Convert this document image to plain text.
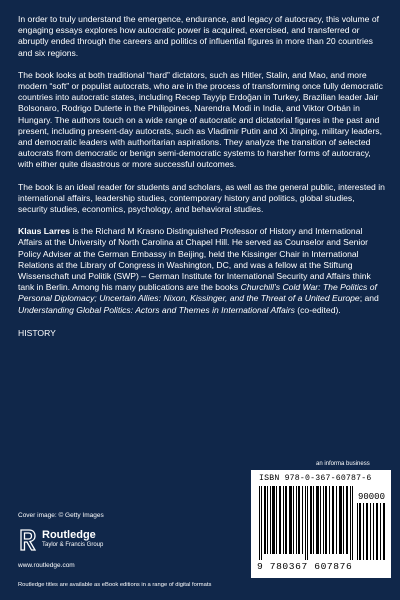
In order to truly understand the emergence, endurance, and legacy of autocracy, this volume of engaging essays explores how autocratic power is acquired, exercised, and transferred or abruptly ended through the careers and politics of influential figures in more than 20 countries and six regions.

The book looks at both traditional “hard” dictators, such as Hitler, Stalin, and Mao, and more modern “soft” or populist autocrats, who are in the process of transforming once fully democratic countries into autocratic states, including Recep Tayyip Erdoğan in Turkey, Brazilian leader Jair Bolsonaro, Rodrigo Duterte in the Philippines, Narendra Modi in India, and Viktor Orbán in Hungary. The authors touch on a wide range of autocratic and dictatorial figures in the past and present, including present-day autocrats, such as Vladimir Putin and Xi Jinping, military leaders, and democratic leaders with authoritarian aspirations. They analyze the transition of selected autocrats from democratic or benign semi-democratic systems to harsher forms of autocracy, with either quite disastrous or more successful outcomes.

The book is an ideal reader for students and scholars, as well as the general public, interested in international affairs, leadership studies, contemporary history and politics, global studies, security studies, economics, psychology, and behavioral studies.

Klaus Larres is the Richard M Krasno Distinguished Professor of History and International Affairs at the University of North Carolina at Chapel Hill. He served as Counselor and Senior Policy Adviser at the German Embassy in Beijing, held the Kissinger Chair in International Relations at the Library of Congress in Washington, DC, and was a fellow at the Stiftung Wissenschaft und Politik (SWP) – German Institute for International Security and Affairs think tank in Berlin. Among his many publications are the books Churchill’s Cold War: The Politics of Personal Diplomacy; Uncertain Allies: Nixon, Kissinger, and the Threat of a United Europe; and Understanding Global Politics: Actors and Themes in International Affairs (co-edited).

HISTORY

an informa business
ISBN 978-0-367-60787-6
90000
9 780367 607876
Cover image: © Getty Images
Routledge
Taylor & Francis Group
www.routledge.com
Routledge titles are available as eBook editions in a range of digital formats
